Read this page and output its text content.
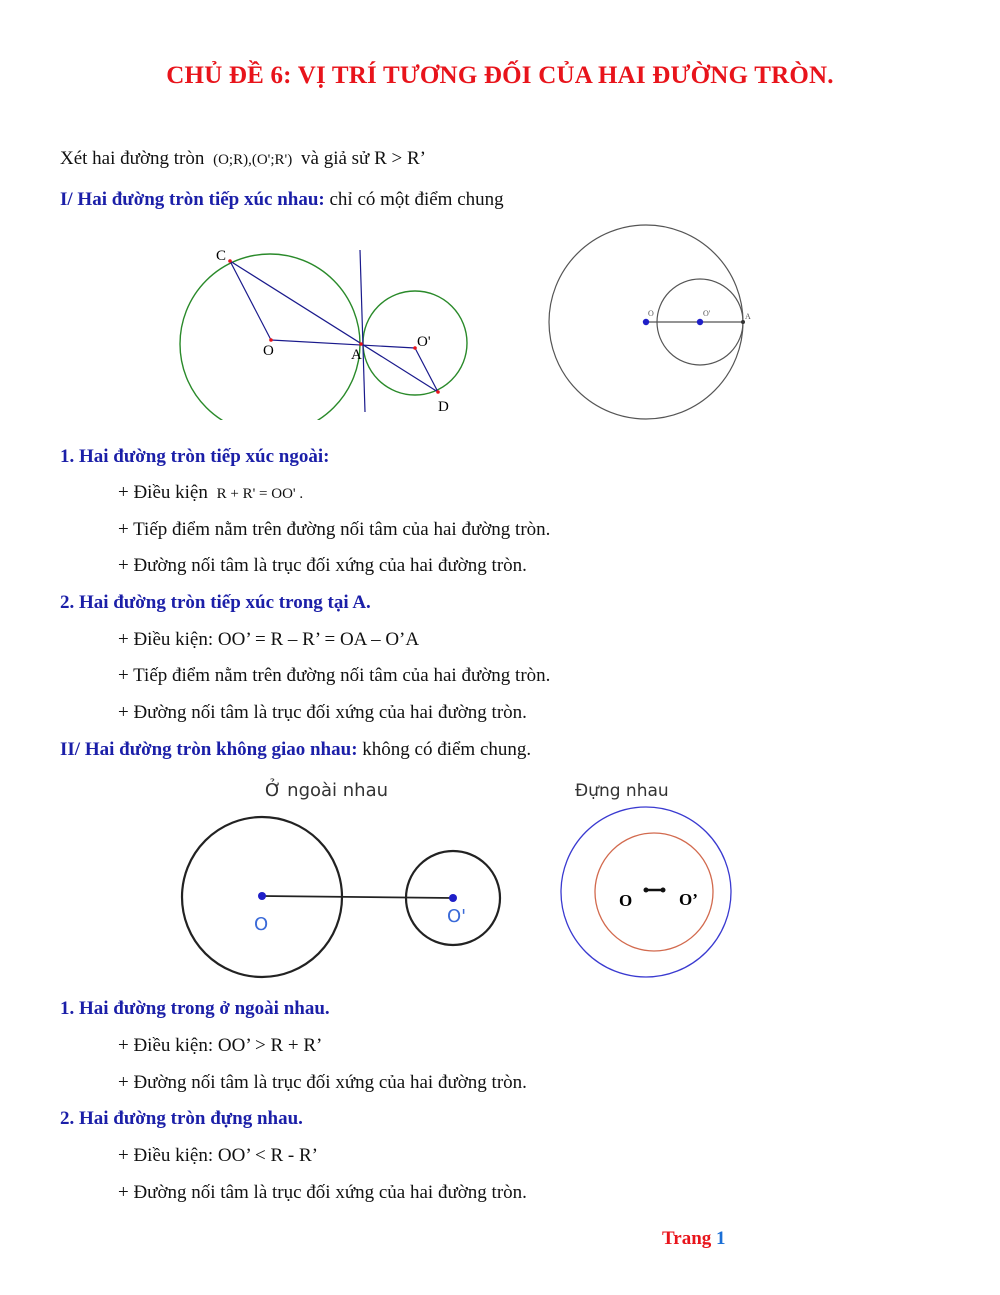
CHỦ ĐỀ 6: VỊ TRÍ TƯƠNG ĐỐI CỦA HAI ĐƯỜNG TRÒN.
Xét hai đường tròn (O;R),(O';R') và giả sử R > R’
I/ Hai đường tròn tiếp xúc nhau: chỉ có một điểm chung
C
O	A
O'
D
O	O'	A
1. Hai đường tròn tiếp xúc ngoài:
+ Điều kiện R + R' = OO' .
+ Tiếp điểm nằm trên đường nối tâm của hai đường tròn.
+ Đường nối tâm là trục đối xứng của hai đường tròn.
2. Hai đường tròn tiếp xúc trong tại A.
+ Điều kiện: OO’ = R – R’ = OA – O’A
+ Tiếp điểm nằm trên đường nối tâm của hai đường tròn.
+ Đường nối tâm là trục đối xứng của hai đường tròn.
II/ Hai đường tròn không giao nhau: không có điểm chung.
Ở ngoài nhau
O	O'
Đựng nhau
O	O’
1. Hai đường trong ở ngoài nhau.
+ Điều kiện: OO’ > R + R’
+ Đường nối tâm là trục đối xứng của hai đường tròn.
2. Hai đường tròn đựng nhau.
+ Điều kiện: OO’ < R - R’
+ Đường nối tâm là trục đối xứng của hai đường tròn.
Trang 1
